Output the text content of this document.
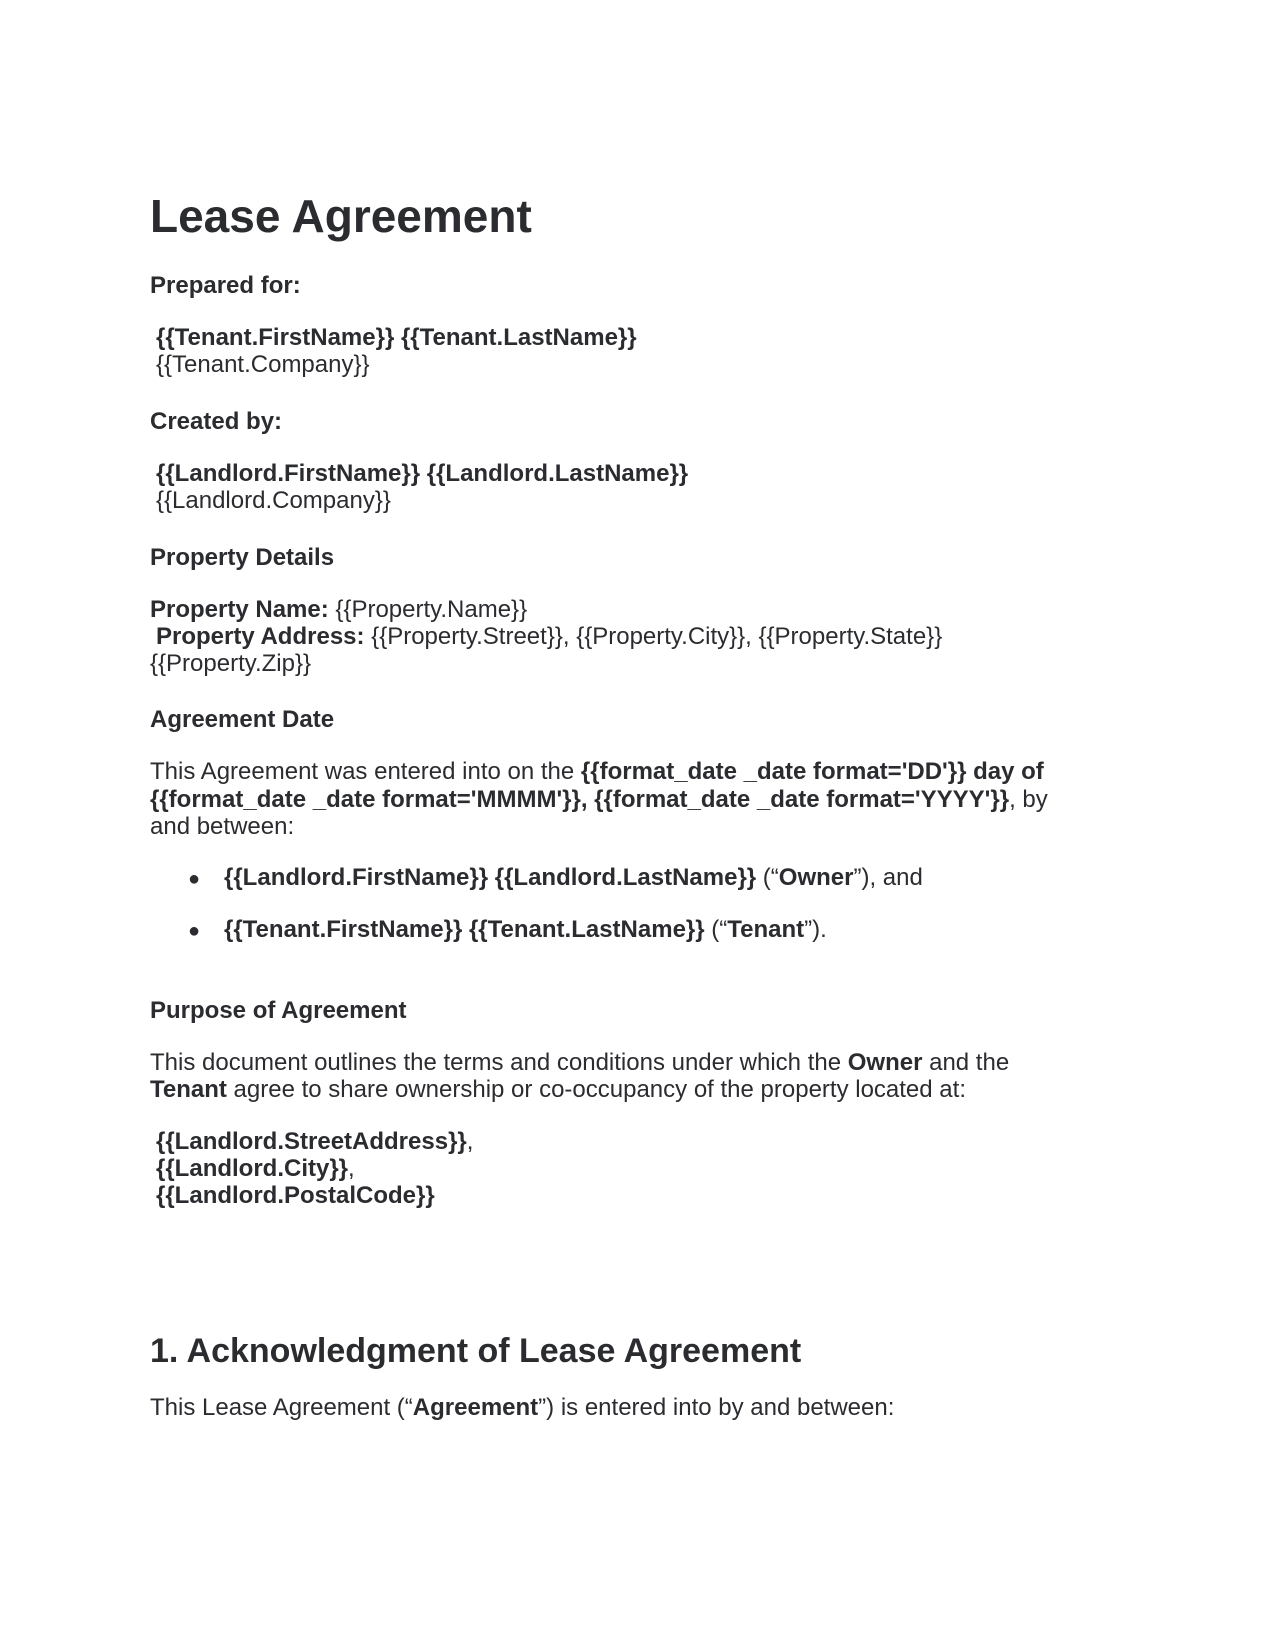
Lease Agreement
Prepared for:
{{Tenant.FirstName}} {{Tenant.LastName}}
{{Tenant.Company}}
Created by:
{{Landlord.FirstName}} {{Landlord.LastName}}
{{Landlord.Company}}
Property Details
Property Name: {{Property.Name}}
Property Address: {{Property.Street}}, {{Property.City}}, {{Property.State}}
{{Property.Zip}}
Agreement Date
This Agreement was entered into on the {{format_date _date format='DD'}} day of
{{format_date _date format='MMMM'}}, {{format_date _date format='YYYY'}}, by
and between:
● {{Landlord.FirstName}} {{Landlord.LastName}} (“Owner”), and
● {{Tenant.FirstName}} {{Tenant.LastName}} (“Tenant”).
Purpose of Agreement
This document outlines the terms and conditions under which the Owner and the
Tenant agree to share ownership or co-occupancy of the property located at:
{{Landlord.StreetAddress}},
{{Landlord.City}},
{{Landlord.PostalCode}}
1. Acknowledgment of Lease Agreement
This Lease Agreement (“Agreement”) is entered into by and between:
